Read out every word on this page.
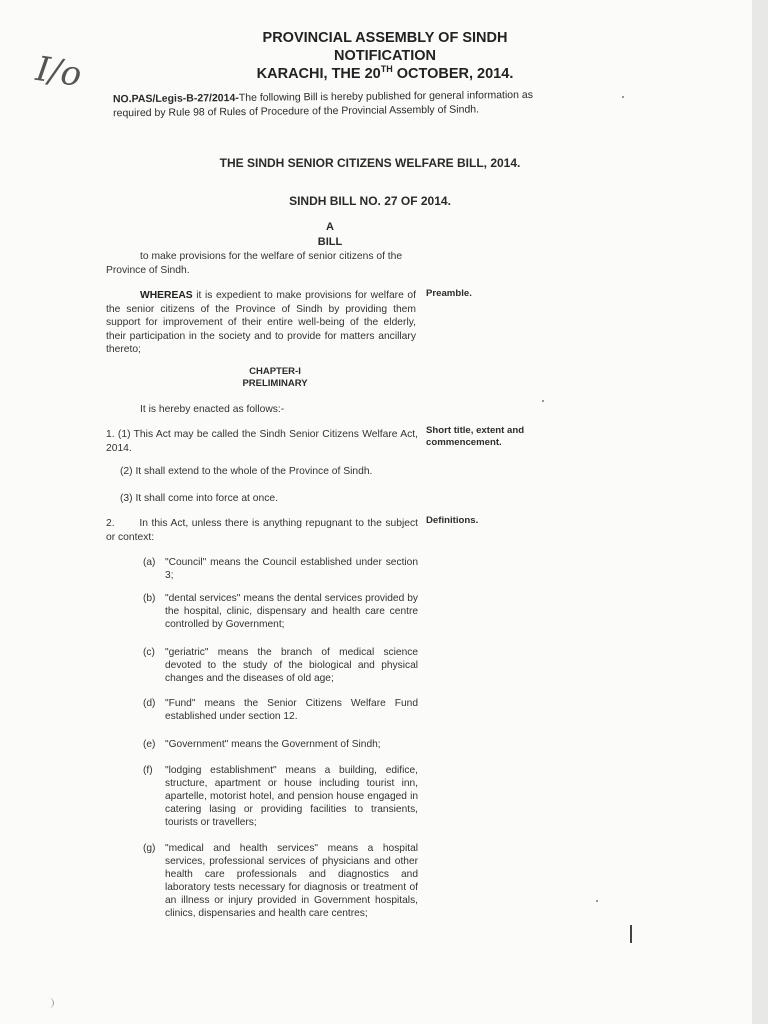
I/o
PROVINCIAL ASSEMBLY OF SINDH
NOTIFICATION
KARACHI, THE 20TH OCTOBER, 2014.
NO.PAS/Legis-B-27/2014-The following Bill is hereby published for general information as required by Rule 98 of Rules of Procedure of the Provincial Assembly of Sindh.
THE SINDH SENIOR CITIZENS WELFARE BILL, 2014.
SINDH BILL NO. 27 OF 2014.
A
BILL
to make provisions for the welfare of senior citizens of the Province of Sindh.
WHEREAS it is expedient to make provisions for welfare of the senior citizens of the Province of Sindh by providing them support for improvement of their entire well-being of the elderly, their participation in the society and to provide for matters ancillary thereto;
Preamble.
CHAPTER-I
PRELIMINARY
It is hereby enacted as follows:-
1. (1) This Act may be called the Sindh Senior Citizens Welfare Act, 2014.
Short title, extent and commencement.
(2) It shall extend to the whole of the Province of Sindh.
(3) It shall come into force at once.
2.       In this Act, unless there is anything repugnant to the subject or context:
Definitions.
(a) "Council" means the Council established under section 3;
(b) "dental services" means the dental services provided by the hospital, clinic, dispensary and health care centre controlled by Government;
(c) "geriatric" means the branch of medical science devoted to the study of the biological and physical changes and the diseases of old age;
(d) "Fund" means the Senior Citizens Welfare Fund established under section 12.
(e) "Government" means the Government of Sindh;
(f)	"lodging establishment" means a building, edifice, structure, apartment or house including tourist inn, apartelle, motorist hotel, and pension house engaged in catering lasing or providing facilities to transients, tourists or travellers;
(g) "medical and health services" means a hospital services, professional services of physicians and other health care professionals and diagnostics and laboratory tests necessary for diagnosis or treatment of an illness or injury provided in Government hospitals, clinics, dispensaries and health care centres;
